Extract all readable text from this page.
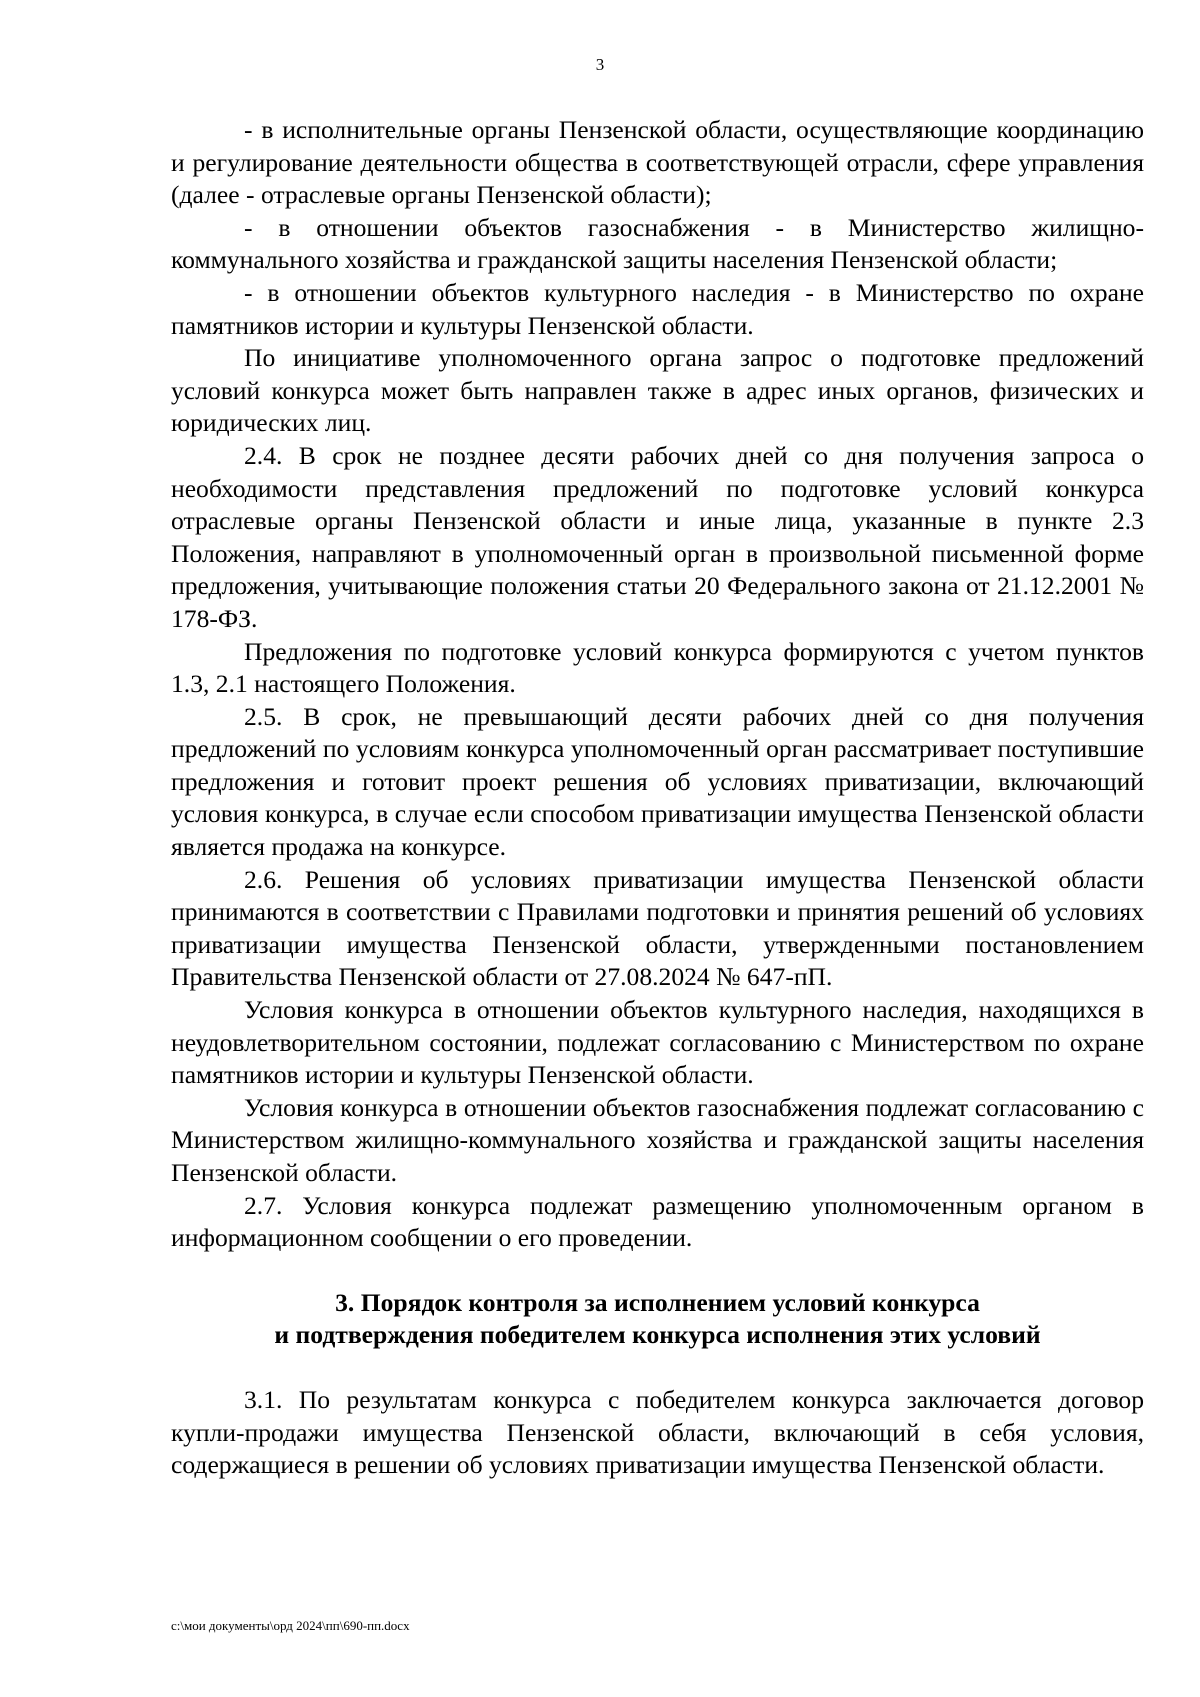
3

- в исполнительные органы Пензенской области, осуществляющие координацию и регулирование деятельности общества в соответствующей отрасли, сфере управления (далее - отраслевые органы Пензенской области);

- в отношении объектов газоснабжения - в Министерство жилищно-коммунального хозяйства и гражданской защиты населения Пензенской области;

- в отношении объектов культурного наследия - в Министерство по охране памятников истории и культуры Пензенской области.

По инициативе уполномоченного органа запрос о подготовке предложений условий конкурса может быть направлен также в адрес иных органов, физических и юридических лиц.

2.4. В срок не позднее десяти рабочих дней со дня получения запроса о необходимости представления предложений по подготовке условий конкурса отраслевые органы Пензенской области и иные лица, указанные в пункте 2.3 Положения, направляют в уполномоченный орган в произвольной письменной форме предложения, учитывающие положения статьи 20 Федерального закона от 21.12.2001 № 178-ФЗ.

Предложения по подготовке условий конкурса формируются с учетом пунктов 1.3, 2.1 настоящего Положения.

2.5. В срок, не превышающий десяти рабочих дней со дня получения предложений по условиям конкурса уполномоченный орган рассматривает поступившие предложения и готовит проект решения об условиях приватизации, включающий условия конкурса, в случае если способом приватизации имущества Пензенской области является продажа на конкурсе.

2.6. Решения об условиях приватизации имущества Пензенской области принимаются в соответствии с Правилами подготовки и принятия решений об условиях приватизации имущества Пензенской области, утвержденными постановлением Правительства Пензенской области от 27.08.2024 № 647-пП.

Условия конкурса в отношении объектов культурного наследия, находящихся в неудовлетворительном состоянии, подлежат согласованию с Министерством по охране памятников истории и культуры Пензенской области.

Условия конкурса в отношении объектов газоснабжения подлежат согласованию с Министерством жилищно-коммунального хозяйства и гражданской защиты населения Пензенской области.

2.7. Условия конкурса подлежат размещению уполномоченным органом в информационном сообщении о его проведении.

3. Порядок контроля за исполнением условий конкурса

и подтверждения победителем конкурса исполнения этих условий

3.1. По результатам конкурса с победителем конкурса заключается договор купли-продажи имущества Пензенской области, включающий в себя условия, содержащиеся в решении об условиях приватизации имущества Пензенской области.

c:\мои документы\орд 2024\пп\690-пп.docx
